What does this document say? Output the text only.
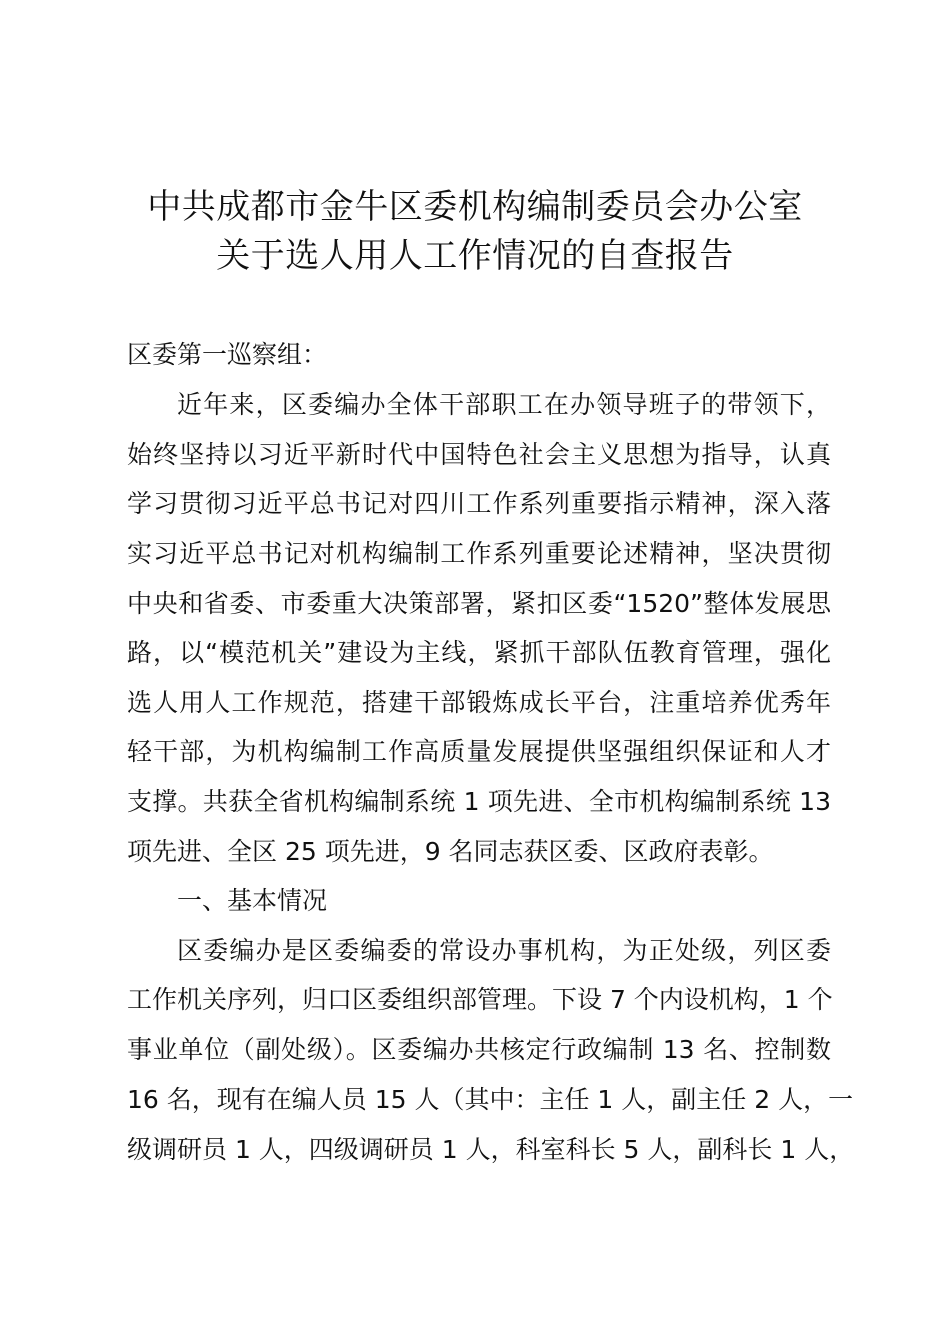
中共成都市金牛区委机构编制委员会办公室
关于选人用人工作情况的自查报告
区委第一巡察组：
近年来，区委编办全体干部职工在办领导班子的带领下，
始终坚持以习近平新时代中国特色社会主义思想为指导，认真
学习贯彻习近平总书记对四川工作系列重要指示精神，深入落
实习近平总书记对机构编制工作系列重要论述精神，坚决贯彻
中央和省委、市委重大决策部署，紧扣区委“1520”整体发展思
路，以“模范机关”建设为主线，紧抓干部队伍教育管理，强化
选人用人工作规范，搭建干部锻炼成长平台，注重培养优秀年
轻干部，为机构编制工作高质量发展提供坚强组织保证和人才
支撑。共获全省机构编制系统 1 项先进、全市机构编制系统 13
项先进、全区 25 项先进，9 名同志获区委、区政府表彰。
一、基本情况
区委编办是区委编委的常设办事机构，为正处级，列区委
工作机关序列，归口区委组织部管理。下设 7 个内设机构，1 个
事业单位（副处级）。区委编办共核定行政编制 13 名、控制数
16 名，现有在编人员 15 人（其中：主任 1 人，副主任 2 人，一
级调研员 1 人，四级调研员 1 人，科室科长 5 人，副科长 1 人，
